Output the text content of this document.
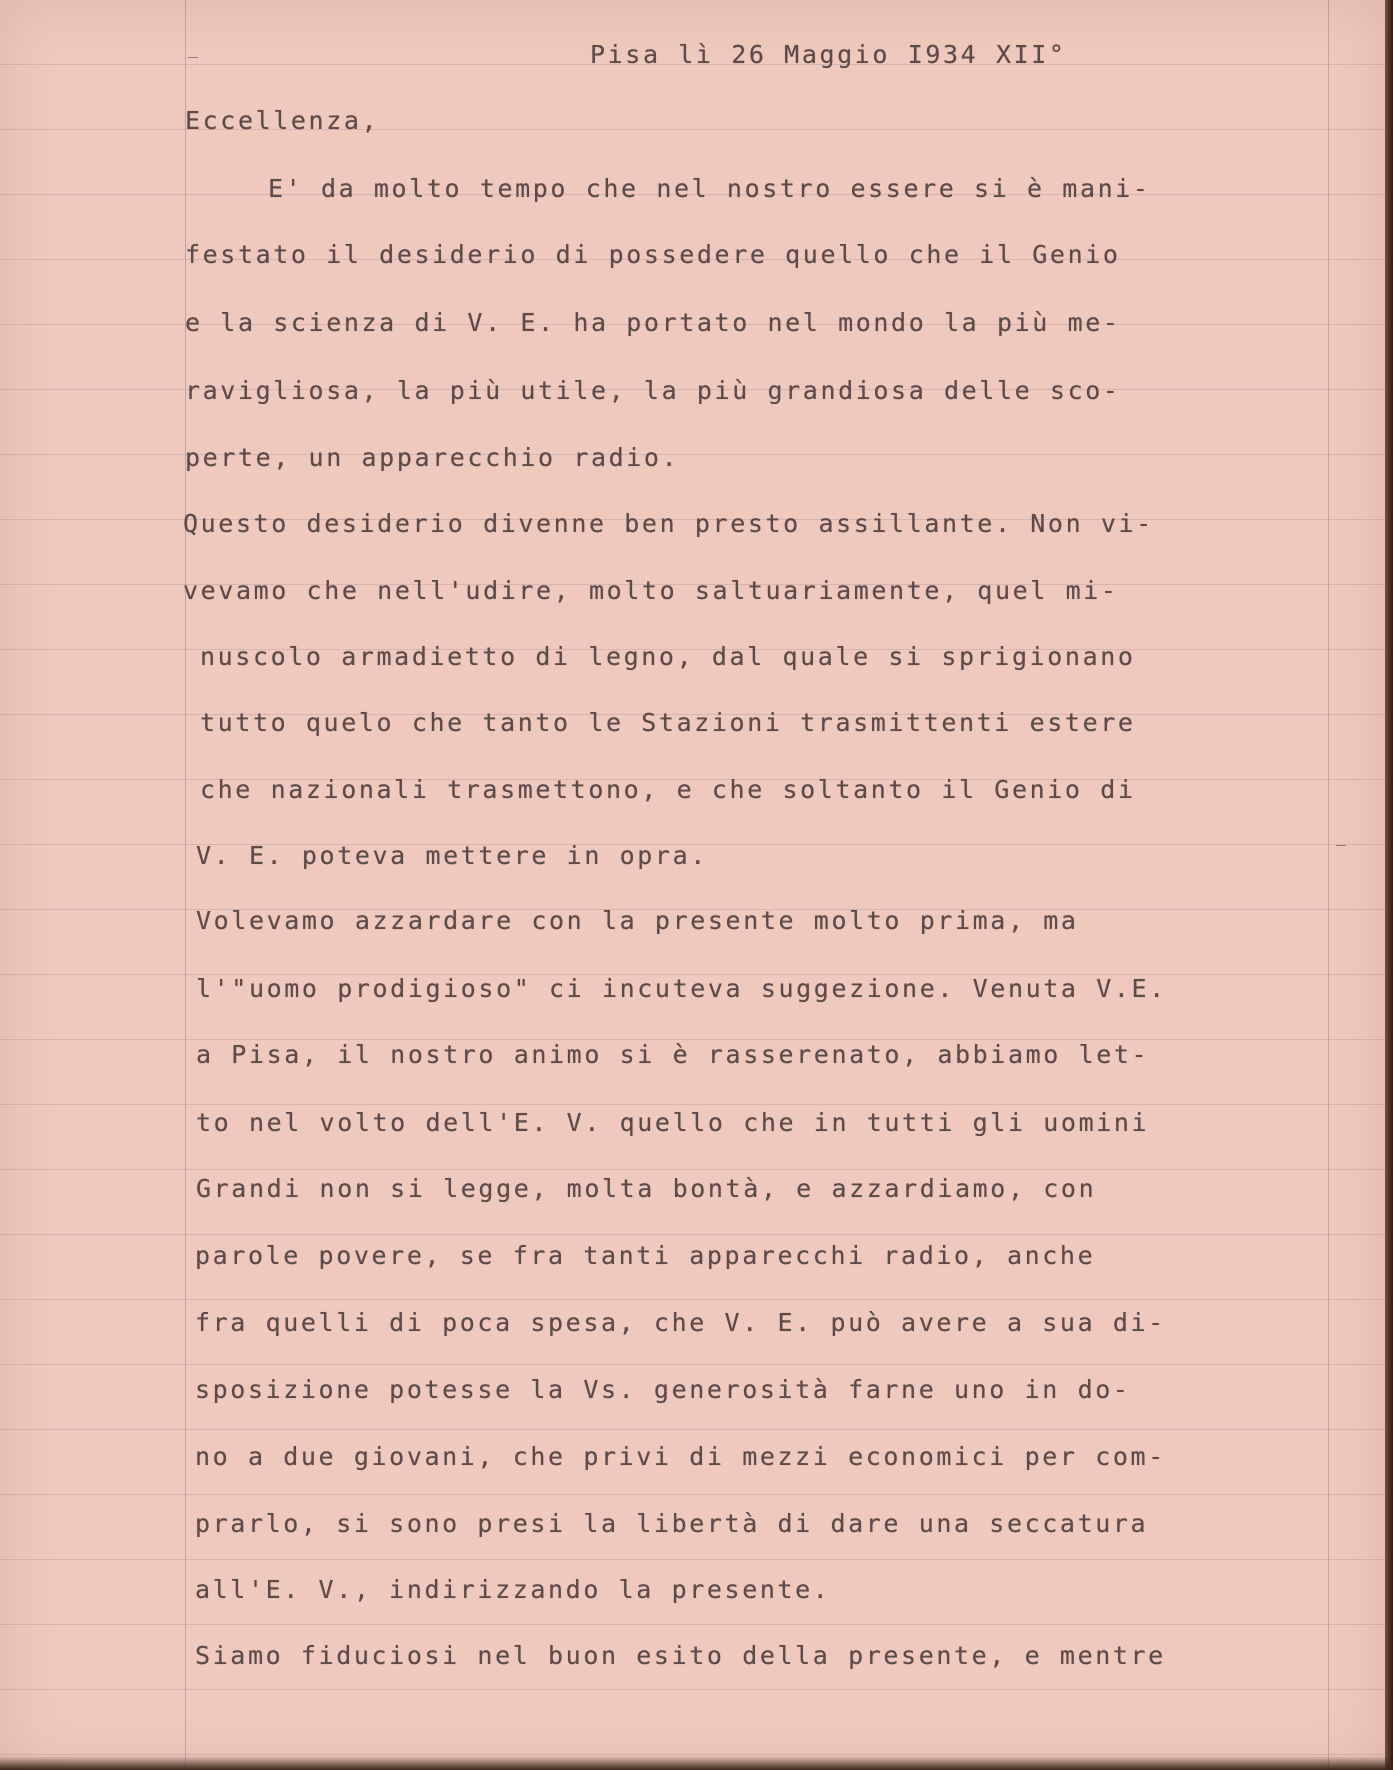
Pisa lì 26 Maggio I934 XII°
Eccellenza,
E' da molto tempo che nel nostro essere si è mani-
festato il desiderio di possedere quello che il Genio
e la scienza di V. E. ha portato nel mondo la più me-
ravigliosa, la più utile, la più grandiosa delle sco-
perte, un apparecchio radio.
Questo desiderio divenne ben presto assillante. Non vi-
vevamo che nell'udire, molto saltuariamente, quel mi-
nuscolo armadietto di legno, dal quale si sprigionano
tutto quelo che tanto le Stazioni trasmittenti estere
che nazionali trasmettono, e che soltanto il Genio di
V. E. poteva mettere in opra.
Volevamo azzardare con la presente molto prima, ma
l'"uomo prodigioso" ci incuteva suggezione. Venuta V.E.
a Pisa, il nostro animo si è rasserenato, abbiamo let-
to nel volto dell'E. V. quello che in tutti gli uomini
Grandi non si legge, molta bontà, e azzardiamo, con
parole povere, se fra tanti apparecchi radio, anche
fra quelli di poca spesa, che V. E. può avere a sua di-
sposizione potesse la Vs. generosità farne uno in do-
no a due giovani, che privi di mezzi economici per com-
prarlo, si sono presi la libertà di dare una seccatura
all'E. V., indirizzando la presente.
Siamo fiduciosi nel buon esito della presente, e mentre
